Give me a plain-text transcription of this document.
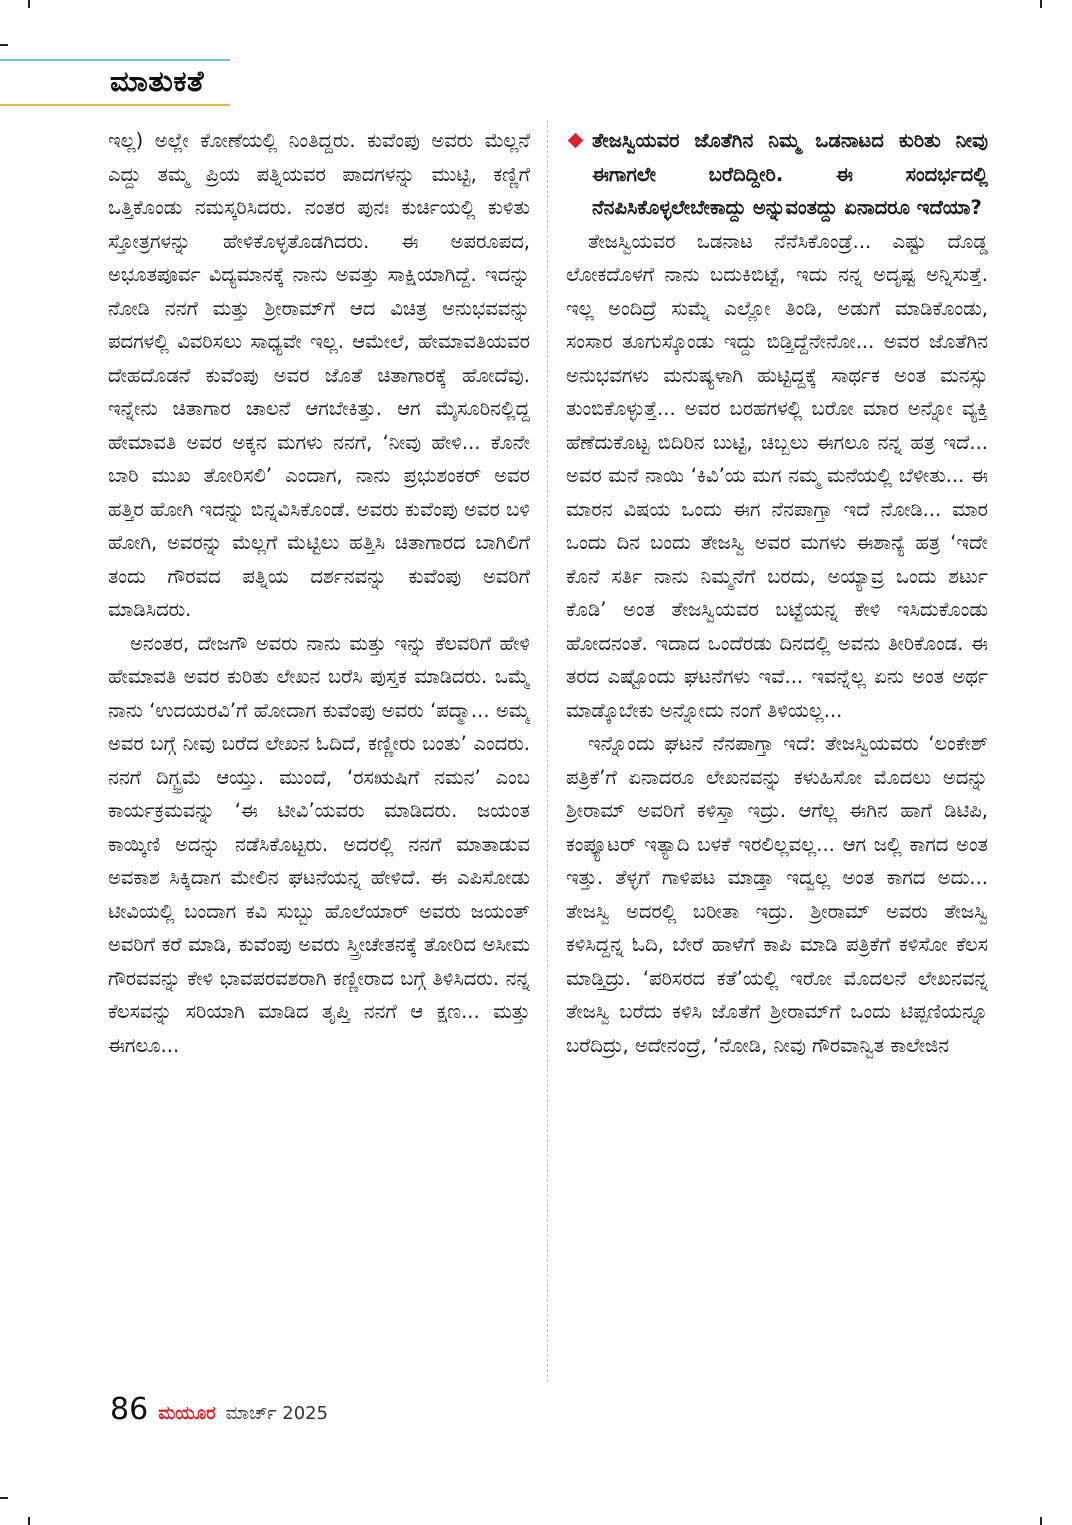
ಮಾತುಕತೆ

ಇಲ್ಲ) ಅಲ್ಲೇ ಕೋಣೆಯಲ್ಲಿ ನಿಂತಿದ್ದರು. ಕುವೆಂಪು ಅವರು ಮೆಲ್ಲನೆ ಎದ್ದು ತಮ್ಮ ಪ್ರಿಯ ಪತ್ನಿಯವರ ಪಾದಗಳನ್ನು ಮುಟ್ಟಿ, ಕಣ್ಣಿಗೆ ಒತ್ತಿಕೊಂಡು ನಮಸ್ಕರಿಸಿದರು. ನಂತರ ಪುನಃ ಕುರ್ಚಿಯಲ್ಲಿ ಕುಳಿತು ಸ್ತೋತ್ರಗಳನ್ನು ಹೇಳಿಕೊಳ್ಳತೊಡಗಿದರು. ಈ ಅಪರೂಪದ, ಅಭೂತಪೂರ್ವ ವಿದ್ಯಮಾನಕ್ಕೆ ನಾನು ಅವತ್ತು ಸಾಕ್ಷಿಯಾಗಿದ್ದೆ. ಇದನ್ನು ನೋಡಿ ನನಗೆ ಮತ್ತು ಶ್ರೀರಾಮ್‌ಗೆ ಆದ ವಿಚಿತ್ರ ಅನುಭವವನ್ನು ಪದಗಳಲ್ಲಿ ವಿವರಿಸಲು ಸಾಧ್ಯವೇ ಇಲ್ಲ. ಆಮೇಲೆ, ಹೇಮಾವತಿಯವರ ದೇಹದೊಡನೆ ಕುವೆಂಪು ಅವರ ಜೊತೆ ಚಿತಾಗಾರಕ್ಕೆ ಹೋದೆವು. ಇನ್ನೇನು ಚಿತಾಗಾರ ಚಾಲನೆ ಆಗಬೇಕಿತ್ತು. ಆಗ ಮೈಸೂರಿನಲ್ಲಿದ್ದ ಹೇಮಾವತಿ ಅವರ ಅಕ್ಕನ ಮಗಳು ನನಗೆ, ‘ನೀವು ಹೇಳಿ... ಕೊನೇ ಬಾರಿ ಮುಖ ತೋರಿಸಲಿ’ ಎಂದಾಗ, ನಾನು ಪ್ರಭುಶಂಕರ್ ಅವರ ಹತ್ತಿರ ಹೋಗಿ ಇದನ್ನು ಬಿನ್ನವಿಸಿಕೊಂಡೆ. ಅವರು ಕುವೆಂಪು ಅವರ ಬಳಿ ಹೋಗಿ, ಅವರನ್ನು ಮೆಲ್ಲಗೆ ಮೆಟ್ಟಿಲು ಹತ್ತಿಸಿ ಚಿತಾಗಾರದ ಬಾಗಿಲಿಗೆ ತಂದು ಗೌರವದ ಪತ್ನಿಯ ದರ್ಶನವನ್ನು ಕುವೆಂಪು ಅವರಿಗೆ ಮಾಡಿಸಿದರು.

ಅನಂತರ, ದೇಜಗೌ ಅವರು ನಾನು ಮತ್ತು ಇನ್ನು ಕೆಲವರಿಗೆ ಹೇಳಿ ಹೇಮಾವತಿ ಅವರ ಕುರಿತು ಲೇಖನ ಬರೆಸಿ ಪುಸ್ತಕ ಮಾಡಿದರು. ಒಮ್ಮೆ ನಾನು ‘ಉದಯರವಿ’ಗೆ ಹೋದಾಗ ಕುವೆಂಪು ಅವರು ‘ಪದ್ಮಾ... ಅಮ್ಮ ಅವರ ಬಗ್ಗೆ ನೀವು ಬರೆದ ಲೇಖನ ಓದಿದೆ, ಕಣ್ಣೀರು ಬಂತು’ ಎಂದರು. ನನಗೆ ದಿಗ್ಭ್ರಮೆ ಆಯ್ತು. ಮುಂದೆ, ‘ರಸಋಷಿಗೆ ನಮನ’ ಎಂಬ ಕಾರ್ಯಕ್ರಮವನ್ನು ‘ಈ ಟೀವಿ’ಯವರು ಮಾಡಿದರು. ಜಯಂತ ಕಾಯ್ಕಿಣಿ ಅದನ್ನು ನಡೆಸಿಕೊಟ್ಟರು. ಅದರಲ್ಲಿ ನನಗೆ ಮಾತಾಡುವ ಅವಕಾಶ ಸಿಕ್ಕಿದಾಗ ಮೇಲಿನ ಘಟನೆಯನ್ನ ಹೇಳಿದೆ. ಈ ಎಪಿಸೋಡು ಟೀವಿಯಲ್ಲಿ ಬಂದಾಗ ಕವಿ ಸುಬ್ಬು ಹೊಲೆಯಾರ್ ಅವರು ಜಯಂತ್ ಅವರಿಗೆ ಕರೆ ಮಾಡಿ, ಕುವೆಂಪು ಅವರು ಸ್ತ್ರೀಚೇತನಕ್ಕೆ ತೋರಿದ ಅಸೀಮ ಗೌರವವನ್ನು ಕೇಳಿ ಭಾವಪರವಶರಾಗಿ ಕಣ್ಣೀರಾದ ಬಗ್ಗೆ ತಿಳಿಸಿದರು. ನನ್ನ ಕೆಲಸವನ್ನು ಸರಿಯಾಗಿ ಮಾಡಿದ ತೃಪ್ತಿ ನನಗೆ ಆ ಕ್ಷಣ... ಮತ್ತು ಈಗಲೂ...

ತೇಜಸ್ವಿಯವರ ಜೊತೆಗಿನ ನಿಮ್ಮ ಒಡನಾಟದ ಕುರಿತು ನೀವು ಈಗಾಗಲೇ ಬರೆದಿದ್ದೀರಿ. ಈ ಸಂದರ್ಭದಲ್ಲಿ ನೆನಪಿಸಿಕೊಳ್ಳಲೇಬೇಕಾದ್ದು ಅನ್ನುವಂತದ್ದು ಏನಾದರೂ ಇದೆಯಾ?

ತೇಜಸ್ವಿಯವರ ಒಡನಾಟ ನೆನೆಸಿಕೊಂಡ್ರೆ... ಎಷ್ಟು ದೊಡ್ಡ ಲೋಕದೊಳಗೆ ನಾನು ಬದುಕಿಬಿಟ್ಟೆ, ಇದು ನನ್ನ ಅದೃಷ್ಟ ಅನ್ನಿಸುತ್ತೆ. ಇಲ್ಲ ಅಂದಿದ್ರೆ ಸುಮ್ನೆ ಎಲ್ಲೋ ತಿಂಡಿ, ಅಡುಗೆ ಮಾಡಿಕೊಂಡು, ಸಂಸಾರ ತೂಗುಸ್ಕೊಂಡು ಇದ್ದು ಬಿಡ್ತಿದ್ದೆನೇನೋ... ಅವರ ಜೊತೆಗಿನ ಅನುಭವಗಳು ಮನುಷ್ಯಳಾಗಿ ಹುಟ್ಟಿದ್ದಕ್ಕೆ ಸಾರ್ಥಕ ಅಂತ ಮನಸ್ಸು ತುಂಬಿಕೊಳ್ಳುತ್ತೆ... ಅವರ ಬರಹಗಳಲ್ಲಿ ಬರೋ ಮಾರ ಅನ್ನೋ ವ್ಯಕ್ತಿ ಹೆಣೆದುಕೊಟ್ಟ ಬಿದಿರಿನ ಬುಟ್ಟಿ, ಚಿಬ್ಬಲು ಈಗಲೂ ನನ್ನ ಹತ್ರ ಇದೆ... ಅವರ ಮನೆ ನಾಯಿ ‘ಕಿವಿ’ಯ ಮಗ ನಮ್ಮ ಮನೆಯಲ್ಲಿ ಬೆಳೀತು... ಈ ಮಾರನ ವಿಷಯ ಒಂದು ಈಗ ನೆನಪಾಗ್ತಾ ಇದೆ ನೋಡಿ... ಮಾರ ಒಂದು ದಿನ ಬಂದು ತೇಜಸ್ವಿ ಅವರ ಮಗಳು ಈಶಾನ್ಯೆ ಹತ್ರ ‘ಇದೇ ಕೊನೆ ಸರ್ತಿ ನಾನು ನಿಮ್ಮನೆಗೆ ಬರದು, ಅಯ್ಯಾವ್ರ ಒಂದು ಶರ್ಟು ಕೊಡಿ’ ಅಂತ ತೇಜಸ್ವಿಯವರ ಬಟ್ಟೆಯನ್ನ ಕೇಳಿ ಇಸಿದುಕೊಂಡು ಹೋದನಂತೆ. ಇದಾದ ಒಂದೆರಡು ದಿನದಲ್ಲಿ ಅವನು ತೀರಿಕೊಂಡ. ಈ ತರದ ಎಷ್ಟೊಂದು ಘಟನೆಗಳು ಇವೆ... ಇವನ್ನೆಲ್ಲ ಏನು ಅಂತ ಅರ್ಥ ಮಾಡ್ಕೊಬೇಕು ಅನ್ನೋದು ನಂಗೆ ತಿಳಿಯಲ್ಲ...

ಇನ್ನೊಂದು ಘಟನೆ ನೆನಪಾಗ್ತಾ ಇದೆ: ತೇಜಸ್ವಿಯವರು ‘ಲಂಕೇಶ್ ಪತ್ರಿಕೆ’ಗೆ ಏನಾದರೂ ಲೇಖನವನ್ನು ಕಳುಹಿಸೋ ಮೊದಲು ಅದನ್ನು ಶ್ರೀರಾಮ್ ಅವರಿಗೆ ಕಳಿಸ್ತಾ ಇದ್ರು. ಆಗೆಲ್ಲ ಈಗಿನ ಹಾಗೆ ಡಿಟಿಪಿ, ಕಂಪ್ಯೂಟರ್ ಇತ್ಯಾದಿ ಬಳಕೆ ಇರಲಿಲ್ಲವಲ್ಲ... ಆಗ ಜಲ್ಲಿ ಕಾಗದ ಅಂತ ಇತ್ತು. ತೆಳ್ಳಗೆ ಗಾಳಿಪಟ ಮಾಡ್ತಾ ಇದ್ವಲ್ಲ ಅಂತ ಕಾಗದ ಅದು... ತೇಜಸ್ವಿ ಅದರಲ್ಲಿ ಬರೀತಾ ಇದ್ರು. ಶ್ರೀರಾಮ್ ಅವರು ತೇಜಸ್ವಿ ಕಳಿಸಿದ್ದನ್ನ ಓದಿ, ಬೇರೆ ಹಾಳೆಗೆ ಕಾಪಿ ಮಾಡಿ ಪತ್ರಿಕೆಗೆ ಕಳಿಸೋ ಕೆಲಸ ಮಾಡ್ತಿದ್ರು. ‘ಪರಿಸರದ ಕತೆ’ಯಲ್ಲಿ ಇರೋ ಮೊದಲನೆ ಲೇಖನವನ್ನ ತೇಜಸ್ವಿ ಬರೆದು ಕಳಿಸಿ ಜೊತೆಗೆ ಶ್ರೀರಾಮ್‌ಗೆ ಒಂದು ಟಿಪ್ಪಣಿಯನ್ನೂ ಬರೆದಿದ್ರು, ಅದೇನಂದ್ರೆ, ‘ನೋಡಿ, ನೀವು ಗೌರವಾನ್ವಿತ ಕಾಲೇಜಿನ

86 ಮಯೂರ ಮಾರ್ಚ್ 2025
